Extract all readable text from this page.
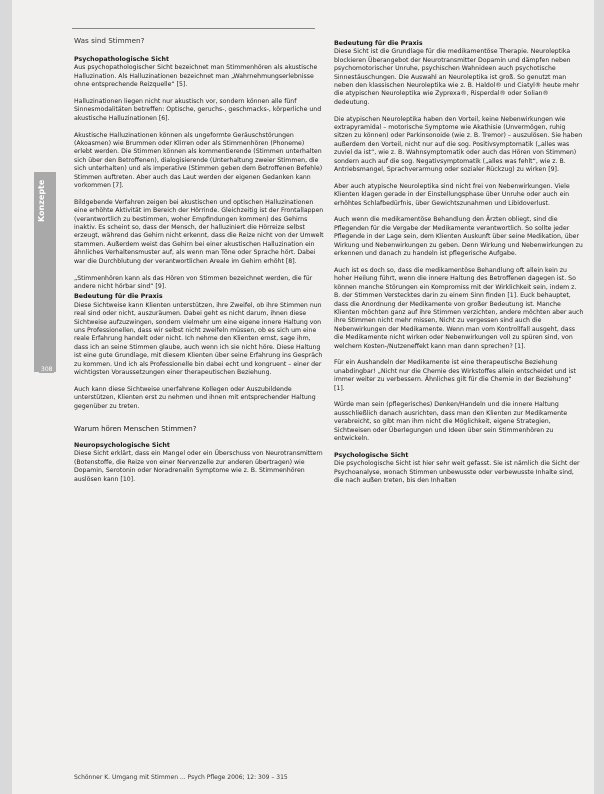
Was sind Stimmen?
Konzepte
308
Psychopathologische Sicht

Aus psychopathologischer Sicht bezeichnet man Stimmenhören als akustische Halluzination. Als Halluzinationen bezeichnet man „Wahrnehmungserlebnisse ohne entsprechende Reizquelle“ [5].

Halluzinationen liegen nicht nur akustisch vor, sondern können alle fünf Sinnesmodalitäten betreffen: Optische, geruchs-, geschmacks-, körperliche und akustische Halluzinationen [6].

Akustische Halluzinationen können als ungeformte Geräuschstörungen (Akoasmen) wie Brummen oder Klirren oder als Stimmenhören (Phoneme) erlebt werden. Die Stimmen können als kommentierende (Stimmen unterhalten sich über den Betroffenen), dialogisierende (Unterhaltung zweier Stimmen, die sich unterhalten) und als imperative (Stimmen geben dem Betroffenen Befehle) Stimmen auftreten. Aber auch das Laut werden der eigenen Gedanken kann vorkommen [7].

Bildgebende Verfahren zeigen bei akustischen und optischen Halluzinationen eine erhöhte Aktivität im Bereich der Hörrinde. Gleichzeitig ist der Frontallappen (verantwortlich zu bestimmen, woher Empfindungen kommen) des Gehirns inaktiv. Es scheint so, dass der Mensch, der halluziniert die Hörreize selbst erzeugt, während das Gehirn nicht erkennt, dass die Reize nicht von der Umwelt stammen. Außerdem weist das Gehirn bei einer akustischen Halluzination ein ähnliches Verhaltensmuster auf, als wenn man Töne oder Sprache hört. Dabei war die Durchblutung der verantwortlichen Areale im Gehirn erhöht [8].

„Stimmenhören kann als das Hören von Stimmen bezeichnet werden, die für andere nicht hörbar sind“ [9].

Bedeutung für die Praxis

Diese Sichtweise kann Klienten unterstützen, ihre Zweifel, ob ihre Stimmen nun real sind oder nicht, auszuräumen. Dabei geht es nicht darum, ihnen diese Sichtweise aufzuzwingen, sondern vielmehr um eine eigene innere Haltung von uns Professionellen, dass wir selbst nicht zweifeln müssen, ob es sich um eine reale Erfahrung handelt oder nicht. Ich nehme den Klienten ernst, sage ihm, dass ich an seine Stimmen glaube, auch wenn ich sie nicht höre. Diese Haltung ist eine gute Grundlage, mit diesem Klienten über seine Erfahrung ins Gespräch zu kommen. Und ich als Professionelle bin dabei echt und kongruent – einer der wichtigsten Voraussetzungen einer therapeutischen Beziehung.

Auch kann diese Sichtweise unerfahrene Kollegen oder Auszubildende unterstützen, Klienten erst zu nehmen und ihnen mit entsprechender Haltung gegenüber zu treten.

Warum hören Menschen Stimmen?
Neuropsychologische Sicht

Diese Sicht erklärt, dass ein Mangel oder ein Überschuss von Neurotransmittern (Botenstoffe, die Reize von einer Nervenzelle zur anderen übertragen) wie Dopamin, Serotonin oder Noradrenalin Symptome wie z. B. Stimmenhören auslösen kann [10].

Bedeutung für die Praxis

Diese Sicht ist die Grundlage für die medikamentöse Therapie. Neuroleptika blockieren Überangebot der Neurotransmitter Dopamin und dämpfen neben psychomotorischer Unruhe, psychischen Wahnideen auch psychotische Sinnestäuschungen. Die Auswahl an Neuroleptika ist groß. So genutzt man neben den klassischen Neuroleptika wie z. B. Haldol® und Ciatyl® heute mehr die atypischen Neuroleptika wie Zyprexa®, Risperdal® oder Solian® dedeutung.

Die atypischen Neuroleptika haben den Vorteil, keine Nebenwirkungen wie extrapyramidal – motorische Symptome wie Akathisie (Unvermögen, ruhig sitzen zu können) oder Parkinsonoide (wie z. B. Tremor) – auszulösen. Sie haben außerdem den Vorteil, nicht nur auf die sog. Positivsymptomatik („alles was zuviel da ist“, wie z. B. Wahnsymptomatik oder auch das Hören von Stimmen) sondern auch auf die sog. Negativsymptomatik („alles was fehlt“, wie z. B. Antriebsmangel, Sprachverarmung oder sozialer Rückzug) zu wirken [9].

Aber auch atypische Neuroleptika sind nicht frei von Nebenwirkungen. Viele Klienten klagen gerade in der Einstellungsphase über Unruhe oder auch ein erhöhtes Schlafbedürfnis, über Gewichtszunahmen und Libidoverlust.

Auch wenn die medikamentöse Behandlung den Ärzten obliegt, sind die Pflegenden für die Vergabe der Medikamente verantwortlich. So sollte jeder Pflegende in der Lage sein, dem Klienten Auskunft über seine Medikation, über Wirkung und Nebenwirkungen zu geben. Denn Wirkung und Nebenwirkungen zu erkennen und danach zu handeln ist pflegerische Aufgabe.

Auch ist es doch so, dass die medikamentöse Behandlung oft allein kein zu hoher Heilung führt, wenn die innere Haltung des Betroffenen dagegen ist. So können manche Störungen ein Kompromiss mit der Wirklichkeit sein, indem z. B. der Stimmen Verstecktes darin zu einem Sinn finden [1]. Euck behauptet, dass die Anordnung der Medikamente von großer Bedeutung ist. Manche Klienten möchten ganz auf ihre Stimmen verzichten, andere möchten aber auch ihre Stimmen nicht mehr missen, Nicht zu vergessen sind auch die Nebenwirkungen der Medikamente. Wenn man vom Kontrollfall ausgeht, dass die Medikamente nicht wirken oder Nebenwirkungen voll zu spüren sind, von welchem Kosten-/Nutzeneffekt kann man dann sprechen? [1].

Für ein Aushandeln der Medikamente ist eine therapeutische Beziehung unabdingbar! „Nicht nur die Chemie des Wirkstoffes allein entscheidet und ist immer weiter zu verbessern. Ähnliches gilt für die Chemie in der Beziehung“ [1].

Würde man sein (pflegerisches) Denken/Handeln und die innere Haltung ausschließlich danach ausrichten, dass man den Klienten zur Medikamente verabreicht, so gibt man ihm nicht die Möglichkeit, eigene Strategien, Sichtweisen oder Überlegungen und Ideen über sein Stimmenhören zu entwickeln.

Psychologische Sicht

Die psychologische Sicht ist hier sehr weit gefasst. Sie ist nämlich die Sicht der Psychoanalyse, wonach Stimmen unbewusste oder verbewusste Inhalte sind, die nach außen treten, bis den Inhalten

Schönner K. Umgang mit Stimmen ... Psych Pflege 2006; 12: 309 – 315
